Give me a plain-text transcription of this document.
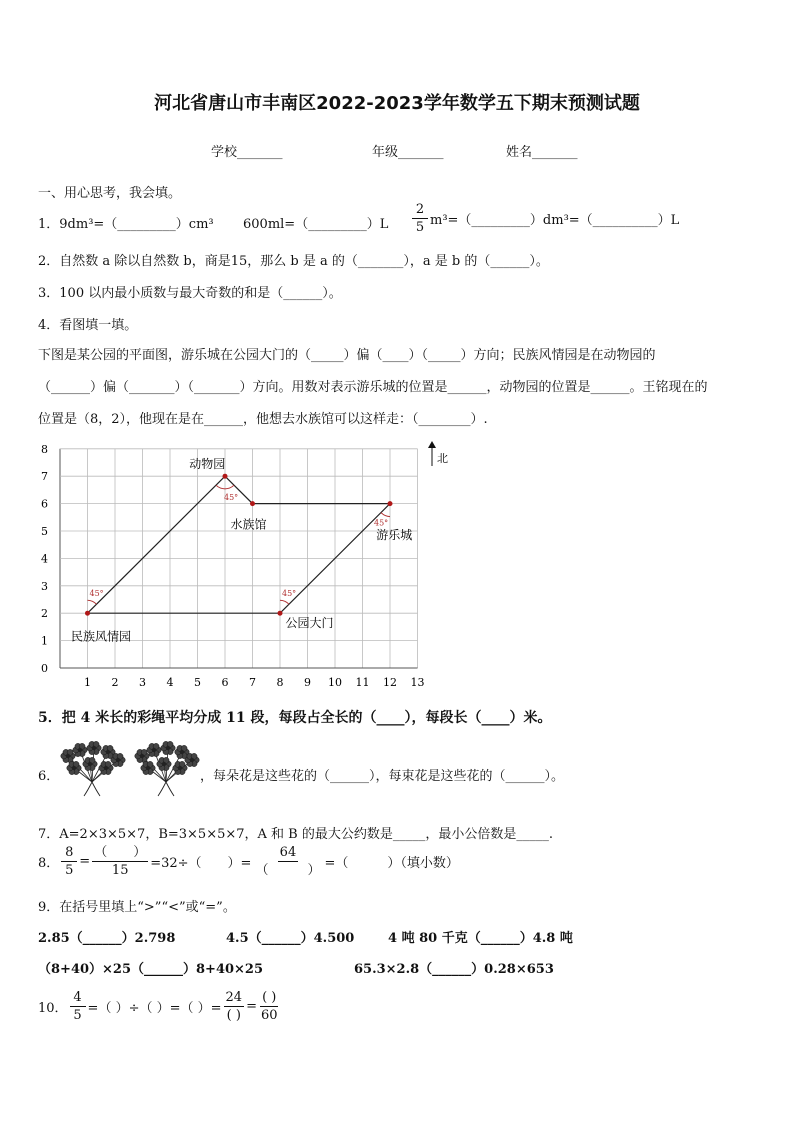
河北省唐山市丰南区2022-2023学年数学五下期末预测试题
学校_______	年级_______	姓名_______
一、用心思考，我会填。
1．9dm³=（_________）cm³ 600ml=（_________）L $\frac{2}{5}$ m³=（_________）dm³=（__________）L
2．自然数 a 除以自然数 b，商是15，那么 b 是 a 的（_______），a 是 b 的（______）。
3．100 以内最小质数与最大奇数的和是（______）。
4．看图填一填。
下图是某公园的平面图，游乐城在公园大门的（_____）偏（____）（_____）方向；民族风情园是在动物园的
（______）偏（_______）（_______）方向。用数对表示游乐城的位置是______，动物园的位置是______。王铭现在的
位置是（8，2），他现在是在______，他想去水族馆可以这样走：（________）.
0
1
2
3
4
5
6
7
8
1 2 3 4 5 6 7 8 9 10 11 12 13
45°
45°
45°
45°
动物园
水族馆
游乐城
民族风情园
公园大门
北
5．把 4 米长的彩绳平均分成 11 段，每段占全长的（____），每段长（____）米。
6．	，每朵花是这些花的（______），每束花是这些花的（______）。
7．A=2×3×5×7，B=3×5×5×7，A 和 B 的最大公约数是_____，最小公倍数是_____.
8． $\frac{8}{5} = \frac{( )}{15} =32\div$（　　）= $\frac{64}{( )}$ =（　　　）（填小数）
9．在括号里填上“>”“<”或“=”。
2.85（______）2.798	4.5（______）4.500	4 吨 80 千克（______）4.8 吨
（8+40）×25（______）8+40×25	65.3×2.8（______）0.28×653
10． $\frac{4}{5}$ =（ ）÷（ ）=（ ）= $\frac{24}{( )} = \frac{( )}{60}$
